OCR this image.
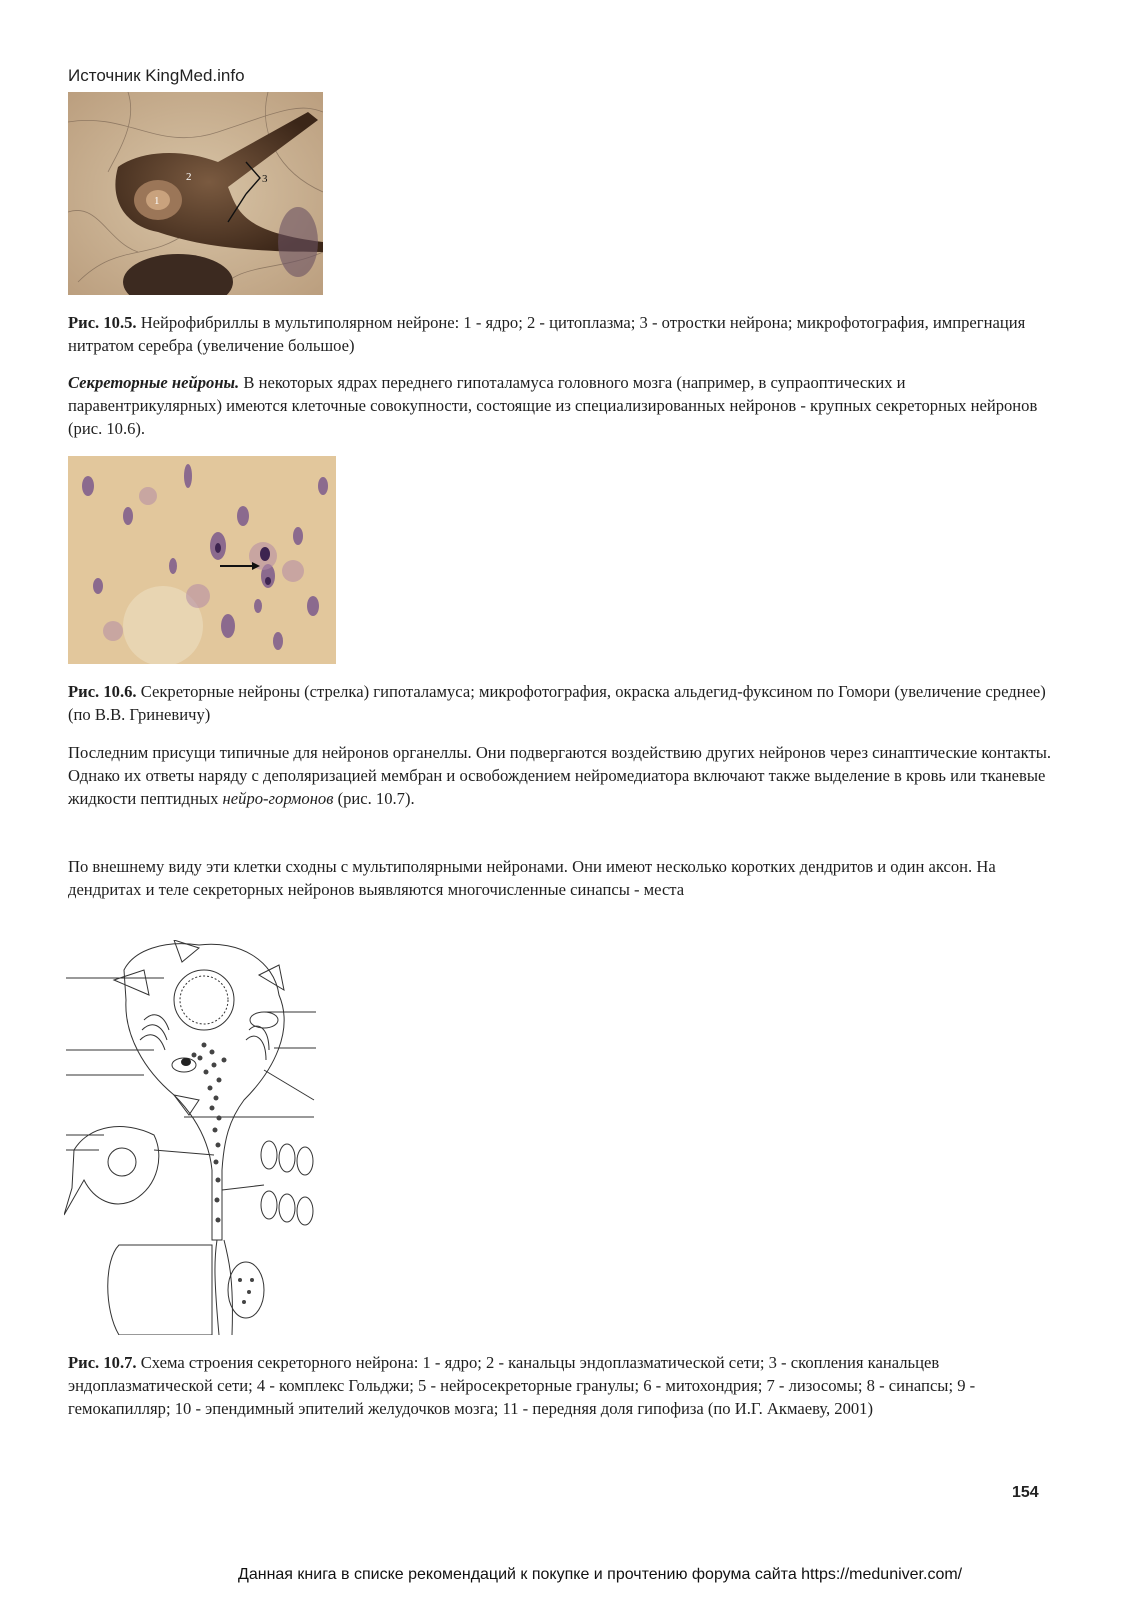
Источник KingMed.info
1
2	3
Рис. 10.5. Нейрофибриллы в мультиполярном нейроне: 1 - ядро; 2 - цитоплазма; 3 - отростки нейрона; микрофотография, импрегнация нитратом серебра (увеличение большое)
Секреторные нейроны. В некоторых ядрах переднего гипоталамуса головного мозга (например, в супраоптических и паравентрикулярных) имеются клеточные совокупности, состоящие из специализированных нейронов - крупных секреторных нейронов (рис. 10.6).
Рис. 10.6. Секреторные нейроны (стрелка) гипоталамуса; микрофотография, окраска альдегид-фуксином по Гомори (увеличение среднее) (по В.В. Гриневичу)
Последним присущи типичные для нейронов органеллы. Они подвергаются воздействию других нейронов через синаптические контакты. Однако их ответы наряду с деполяризацией мембран и освобождением нейромедиатора включают также выделение в кровь или тканевые жидкости пептидных нейро-гормонов (рис. 10.7).
По внешнему виду эти клетки сходны с мультиполярными нейронами. Они имеют несколько коротких дендритов и один аксон. На дендритах и теле секреторных нейронов выявляются многочисленные синапсы - места
Рис. 10.7. Схема строения секреторного нейрона: 1 - ядро; 2 - канальцы эндоплазматической сети; 3 - скопления канальцев эндоплазматической сети; 4 - комплекс Гольджи; 5 - нейросекреторные гранулы; 6 - митохондрия; 7 - лизосомы; 8 - синапсы; 9 - гемокапилляр; 10 - эпендимный эпителий желудочков мозга; 11 - передняя доля гипофиза (по И.Г. Акмаеву, 2001)
154
Данная книга в списке рекомендаций к покупке и прочтению форума сайта https://meduniver.com/
